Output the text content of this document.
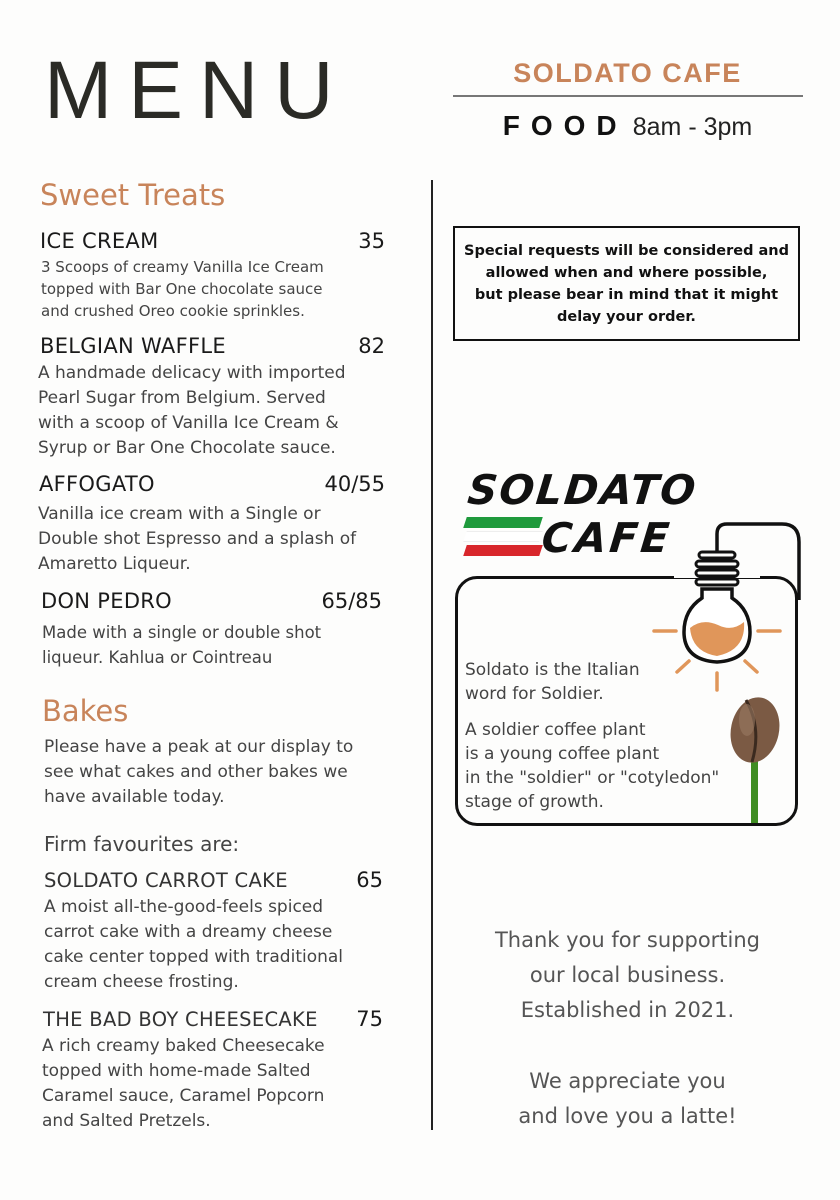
MENU	SOLDATO CAFE
FOOD 8am - 3pm
Sweet Treats
ICE CREAM	35
3 Scoops of creamy Vanilla Ice Cream
topped with Bar One chocolate sauce
and crushed Oreo cookie sprinkles.
BELGIAN WAFFLE	82
A handmade delicacy with imported
Pearl Sugar from Belgium. Served
with a scoop of Vanilla Ice Cream &
Syrup or Bar One Chocolate sauce.
AFFOGATO	40/55
Vanilla ice cream with a Single or
Double shot Espresso and a splash of
Amaretto Liqueur.
DON PEDRO	65/85
Made with a single or double shot
liqueur. Kahlua or Cointreau
Bakes
Please have a peak at our display to
see what cakes and other bakes we
have available today.
Firm favourites are:
SOLDATO CARROT CAKE	65
A moist all-the-good-feels spiced
carrot cake with a dreamy cheese
cake center topped with traditional
cream cheese frosting.
THE BAD BOY CHEESECAKE	75
A rich creamy baked Cheesecake
topped with home-made Salted
Caramel sauce, Caramel Popcorn
and Salted Pretzels.
Special requests will be considered and
allowed when and where possible,
but please bear in mind that it might
delay your order.
SOLDATO
CAFE
Soldato is the Italian
word for Soldier.
A soldier coffee plant
is a young coffee plant
in the "soldier" or "cotyledon"
stage of growth.
Thank you for supporting
our local business.
Established in 2021.
We appreciate you
and love you a latte!
